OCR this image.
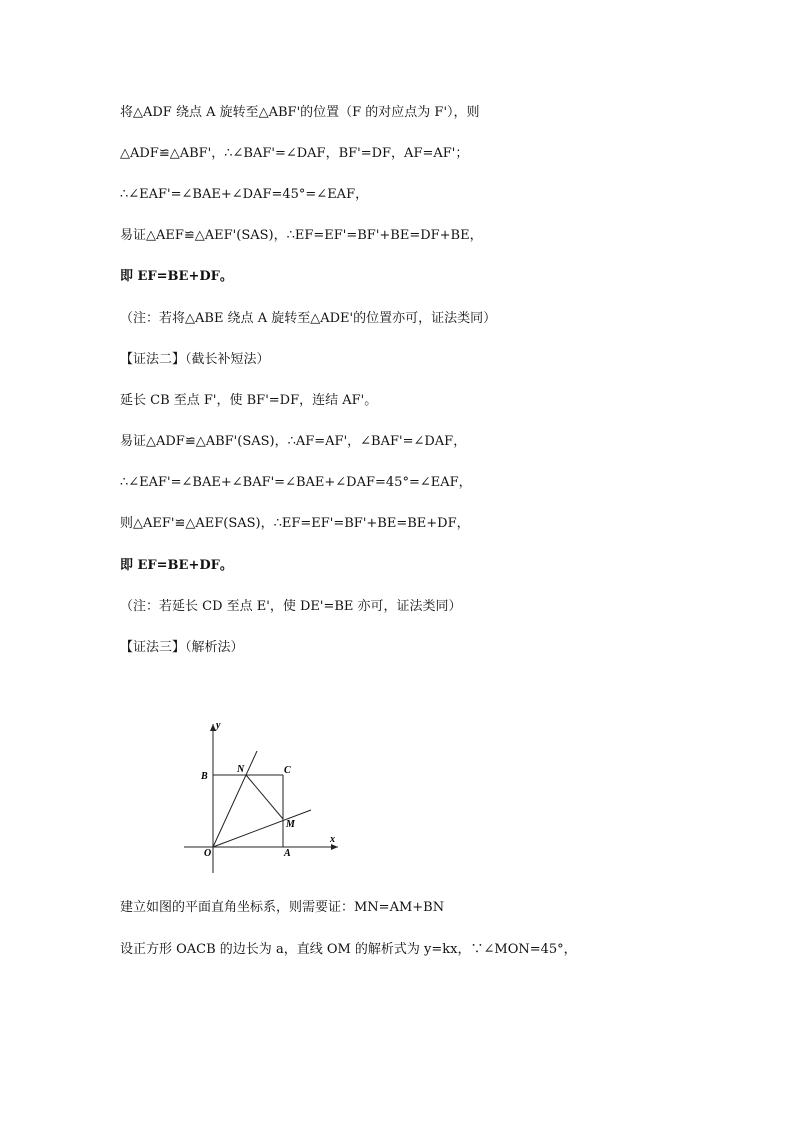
将△ADF 绕点 A 旋转至△ABF'的位置（F 的对应点为 F'），则
△ADF≌△ABF'，∴∠BAF'=∠DAF，BF'=DF，AF=AF'；
∴∠EAF'=∠BAE+∠DAF=45°=∠EAF，
易证△AEF≌△AEF'(SAS)，∴EF=EF'=BF'+BE=DF+BE，
即 EF=BE+DF。
（注：若将△ABE 绕点 A 旋转至△ADE'的位置亦可，证法类同）
【证法二】（截长补短法）
延长 CB 至点 F'，使 BF'=DF，连结 AF'。
易证△ADF≌△ABF'(SAS)，∴AF=AF'，∠BAF'=∠DAF，
∴∠EAF'=∠BAE+∠BAF'=∠BAE+∠DAF=45°=∠EAF，
则△AEF'≌△AEF(SAS)，∴EF=EF'=BF'+BE=BE+DF，
即 EF=BE+DF。
（注：若延长 CD 至点 E'，使 DE'=BE 亦可，证法类同）
【证法三】（解析法）
y
x
O	A
B
C
N
M
建立如图的平面直角坐标系，则需要证：MN=AM+BN
设正方形 OACB 的边长为 a，直线 OM 的解析式为 y=kx，∵∠MON=45°，
